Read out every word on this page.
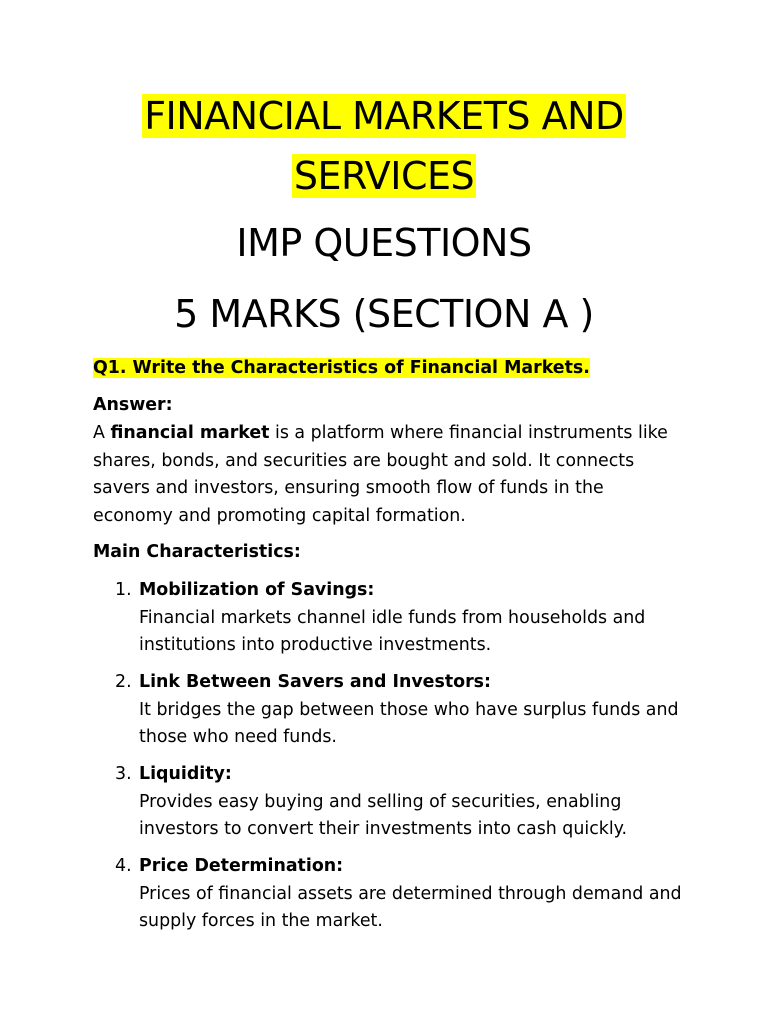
FINANCIAL MARKETS AND
SERVICES
IMP QUESTIONS
5 MARKS (SECTION A )
Q1. Write the Characteristics of Financial Markets.
Answer:
A financial market is a platform where financial instruments like shares, bonds, and securities are bought and sold. It connects savers and investors, ensuring smooth flow of funds in the economy and promoting capital formation.
Main Characteristics:
1. Mobilization of Savings:
Financial markets channel idle funds from households and institutions into productive investments.
2. Link Between Savers and Investors:
It bridges the gap between those who have surplus funds and those who need funds.
3. Liquidity:
Provides easy buying and selling of securities, enabling investors to convert their investments into cash quickly.
4. Price Determination:
Prices of financial assets are determined through demand and supply forces in the market.
